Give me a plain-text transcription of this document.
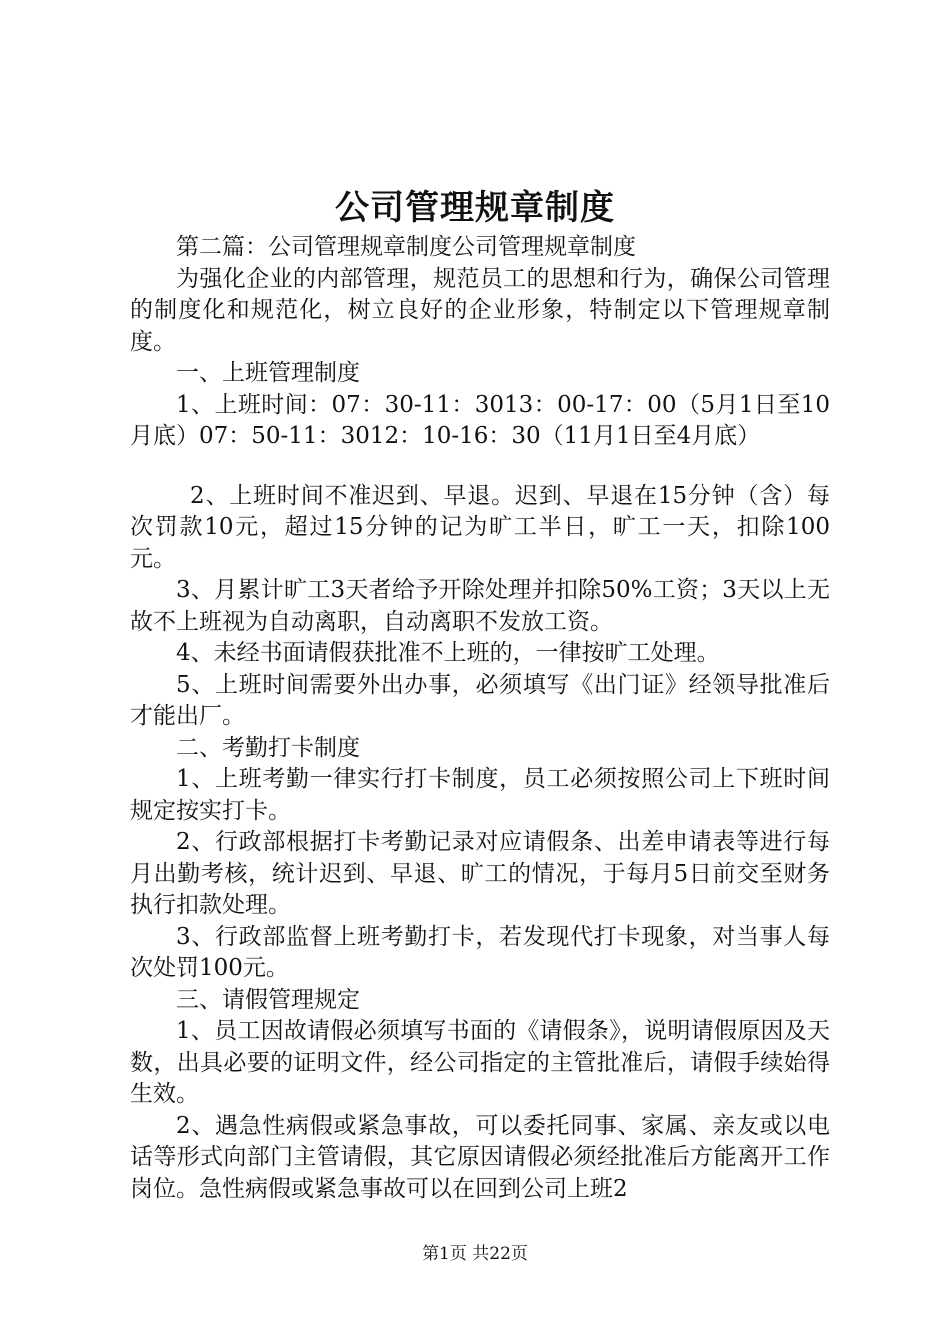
公司管理规章制度

第二篇：公司管理规章制度公司管理规章制度

为强化企业的内部管理，规范员工的思想和行为，确保公司管理的制度化和规范化，树立良好的企业形象，特制定以下管理规章制度。

一、上班管理制度

1、上班时间：07：30-11：3013：00-17：00（5月1日至10月底）07：50-11：3012：10-16：30（11月1日至4月底）

2、上班时间不准迟到、早退。迟到、早退在15分钟（含）每次罚款10元，超过15分钟的记为旷工半日，旷工一天，扣除100元。

3、月累计旷工3天者给予开除处理并扣除50%工资；3天以上无故不上班视为自动离职，自动离职不发放工资。

4、未经书面请假获批准不上班的，一律按旷工处理。

5、上班时间需要外出办事，必须填写《出门证》经领导批准后才能出厂。

二、考勤打卡制度

1、上班考勤一律实行打卡制度，员工必须按照公司上下班时间规定按实打卡。

2、行政部根据打卡考勤记录对应请假条、出差申请表等进行每月出勤考核，统计迟到、早退、旷工的情况，于每月5日前交至财务执行扣款处理。

3、行政部监督上班考勤打卡，若发现代打卡现象，对当事人每次处罚100元。

三、请假管理规定

1、员工因故请假必须填写书面的《请假条》，说明请假原因及天数，出具必要的证明文件，经公司指定的主管批准后，请假手续始得生效。

2、遇急性病假或紧急事故，可以委托同事、家属、亲友或以电话等形式向部门主管请假，其它原因请假必须经批准后方能离开工作岗位。急性病假或紧急事故可以在回到公司上班2

第1页 共22页
